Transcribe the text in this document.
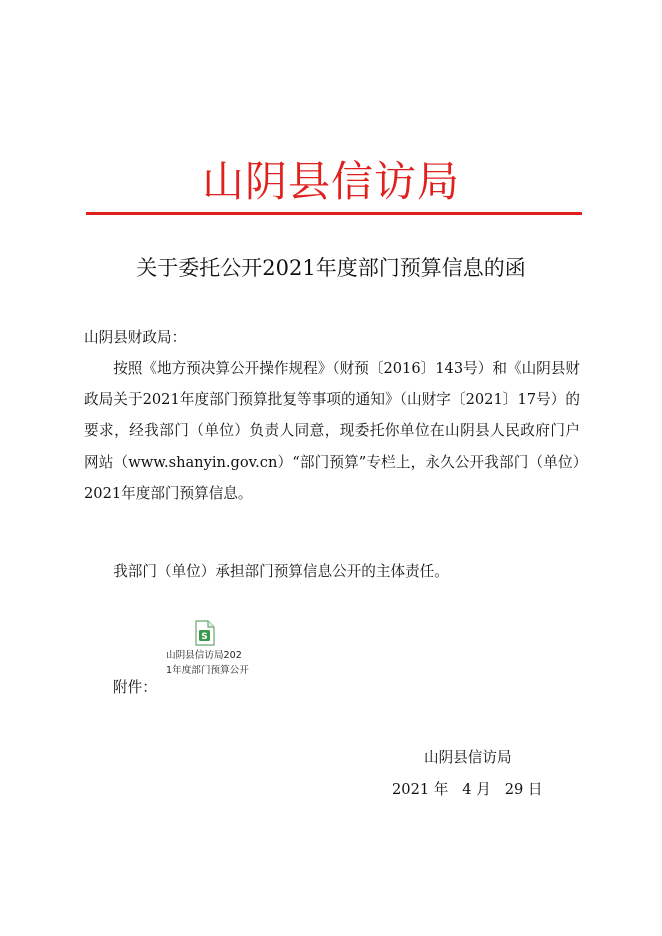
山阴县信访局
关于委托公开2021年度部门预算信息的函
山阴县财政局：
按照《地方预决算公开操作规程》（财预〔2016〕143号）和《山阴县财政局关于2021年度部门预算批复等事项的通知》（山财字〔2021〕17号）的要求，经我部门（单位）负责人同意，现委托你单位在山阴县人民政府门户网站（www.shanyin.gov.cn）“部门预算”专栏上，永久公开我部门（单位）2021年度部门预算信息。
我部门（单位）承担部门预算信息公开的主体责任。
S
山阴县信访局202
1年度部门预算公开
附件：
山阴县信访局
2021 年   4 月   29 日
